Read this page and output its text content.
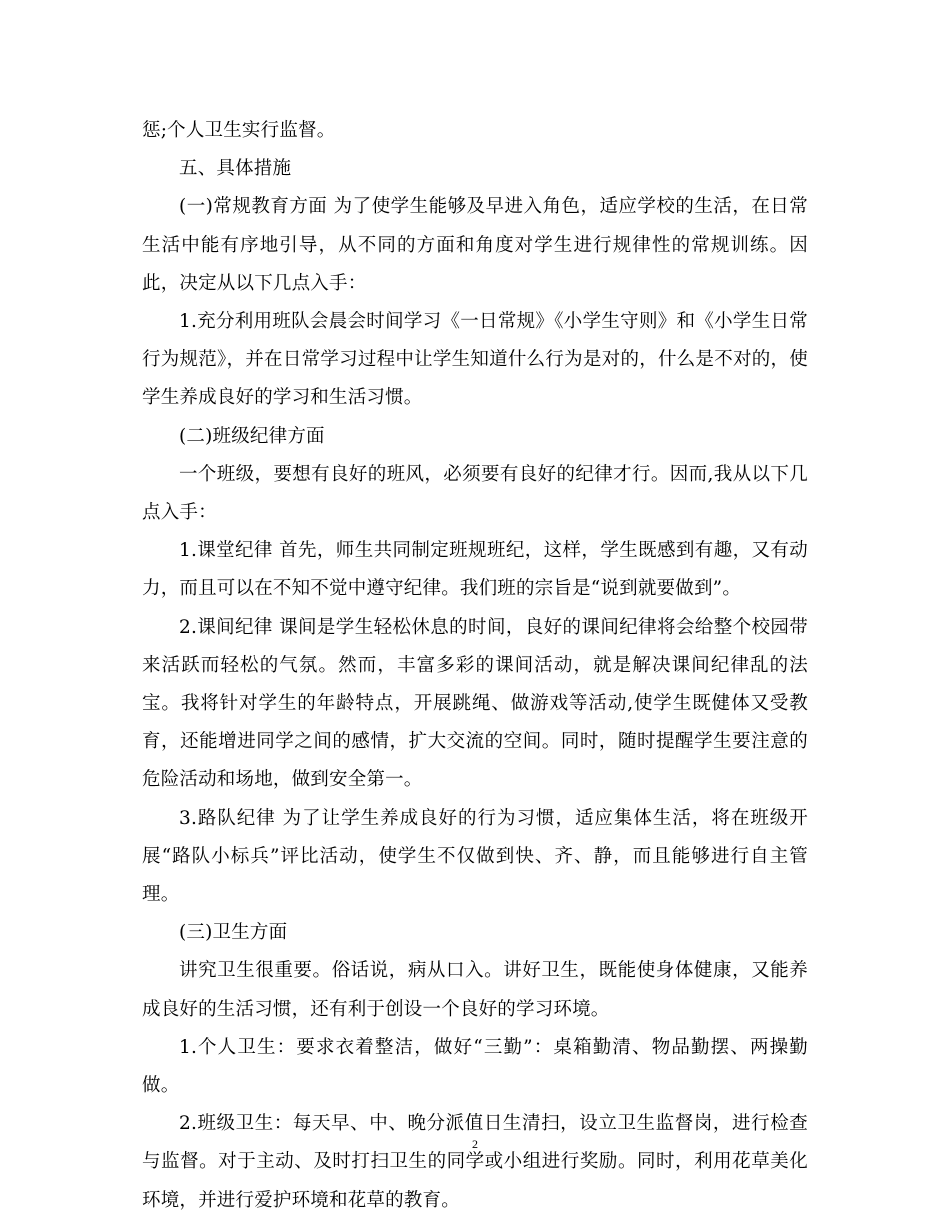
惩;个人卫生实行监督。

五、具体措施

(一)常规教育方面 为了使学生能够及早进入角色，适应学校的生活，在日常生活中能有序地引导，从不同的方面和角度对学生进行规律性的常规训练。因此，决定从以下几点入手：

1.充分利用班队会晨会时间学习《一日常规》《小学生守则》和《小学生日常行为规范》，并在日常学习过程中让学生知道什么行为是对的，什么是不对的，使学生养成良好的学习和生活习惯。

(二)班级纪律方面

一个班级，要想有良好的班风，必须要有良好的纪律才行。因而,我从以下几点入手：

1.课堂纪律 首先，师生共同制定班规班纪，这样，学生既感到有趣，又有动力，而且可以在不知不觉中遵守纪律。我们班的宗旨是“说到就要做到”。

2.课间纪律 课间是学生轻松休息的时间，良好的课间纪律将会给整个校园带来活跃而轻松的气氛。然而，丰富多彩的课间活动，就是解决课间纪律乱的法宝。我将针对学生的年龄特点，开展跳绳、做游戏等活动,使学生既健体又受教育，还能增进同学之间的感情，扩大交流的空间。同时，随时提醒学生要注意的危险活动和场地，做到安全第一。

3.路队纪律 为了让学生养成良好的行为习惯，适应集体生活，将在班级开展“路队小标兵”评比活动，使学生不仅做到快、齐、静，而且能够进行自主管理。

(三)卫生方面

讲究卫生很重要。俗话说，病从口入。讲好卫生，既能使身体健康，又能养成良好的生活习惯，还有利于创设一个良好的学习环境。

1.个人卫生：要求衣着整洁，做好“三勤”：桌箱勤清、物品勤摆、两操勤做。

2.班级卫生：每天早、中、晚分派值日生清扫，设立卫生监督岗，进行检查与监督。对于主动、及时打扫卫生的同学或小组进行奖励。同时，利用花草美化环境，并进行爱护环境和花草的教育。

2
